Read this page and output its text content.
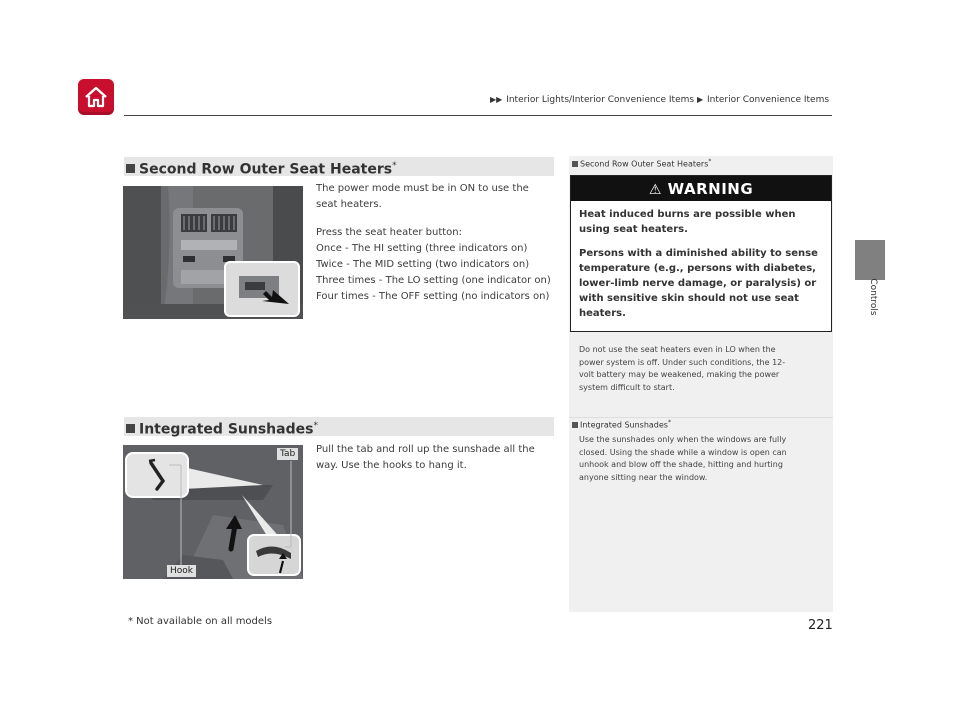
▶▶ Interior Lights/Interior Convenience Items ▶ Interior Convenience Items
Controls
Second Row Outer Seat Heaters*
The power mode must be in ON to use the
seat heaters.
Press the seat heater button:
Once - The HI setting (three indicators on)
Twice - The MID setting (two indicators on)
Three times - The LO setting (one indicator on)
Four times - The OFF setting (no indicators on)
Integrated Sunshades*
Tab
Hook
Pull the tab and roll up the sunshade all the
way. Use the hooks to hang it.
Second Row Outer Seat Heaters*
⚠ WARNING
Heat induced burns are possible when
using seat heaters.
Persons with a diminished ability to sense
temperature (e.g., persons with diabetes,
lower-limb nerve damage, or paralysis) or
with sensitive skin should not use seat
heaters.
Do not use the seat heaters even in LO when the
power system is off. Under such conditions, the 12-
volt battery may be weakened, making the power
system difficult to start.
Integrated Sunshades*
Use the sunshades only when the windows are fully
closed. Using the shade while a window is open can
unhook and blow off the shade, hitting and hurting
anyone sitting near the window.
* Not available on all models	221
